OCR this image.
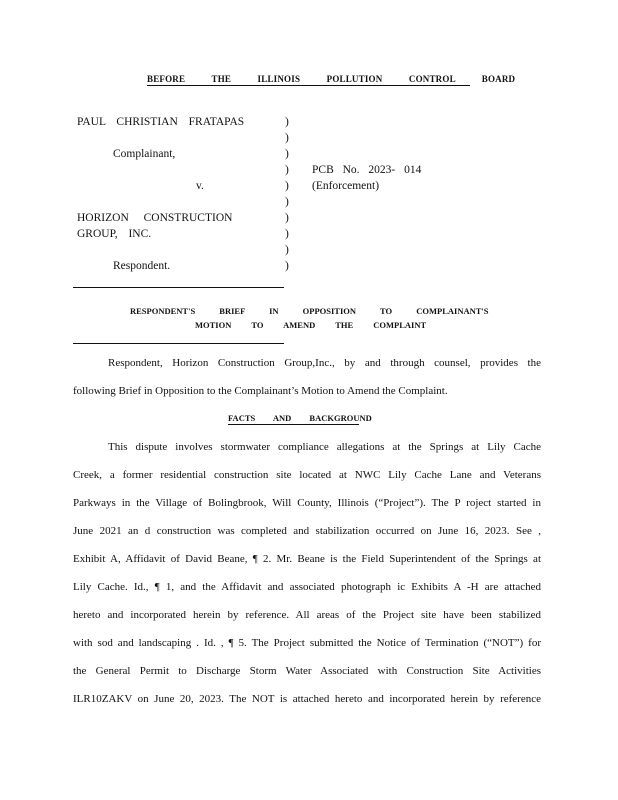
BEFORE THE ILLINOIS POLLUTION CONTROL BOARD
PAUL CHRISTIAN FRATAPAS
Complainant,
v.
HORIZON CONSTRUCTION
GROUP, INC.
Respondent.
)
)
)
)
)
)
)
)
)
)
PCB No. 2023- 014
(Enforcement)
RESPONDENT'S BRIEF IN OPPOSITION TO COMPLAINANT'S
MOTION TO AMEND THE COMPLAINT
Respondent, Horizon Construction Group,Inc., by and through counsel, provides the
following Brief in Opposition to the Complainant’s Motion to Amend the Complaint.
FACTS AND BACKGROUND
This dispute involves stormwater compliance allegations at the Springs at Lily Cache
Creek, a former residential construction site located at NWC Lily Cache Lane and Veterans
Parkways in the Village of Bolingbrook, Will County, Illinois (“Project”). The P roject started in
June 2021 an d construction was completed and stabilization occurred on June 16, 2023. See ,
Exhibit A, Affidavit of David Beane, ¶ 2. Mr. Beane is the Field Superintendent of the Springs at
Lily Cache. Id., ¶ 1, and the Affidavit and associated photograph ic Exhibits A -H are attached
hereto and incorporated herein by reference. All areas of the Project site have been stabilized
with sod and landscaping . Id. , ¶ 5. The Project submitted the Notice of Termination (“NOT”) for
the General Permit to Discharge Storm Water Associated with Construction Site Activities
ILR10ZAKV on June 20, 2023. The NOT is attached hereto and incorporated herein by reference
